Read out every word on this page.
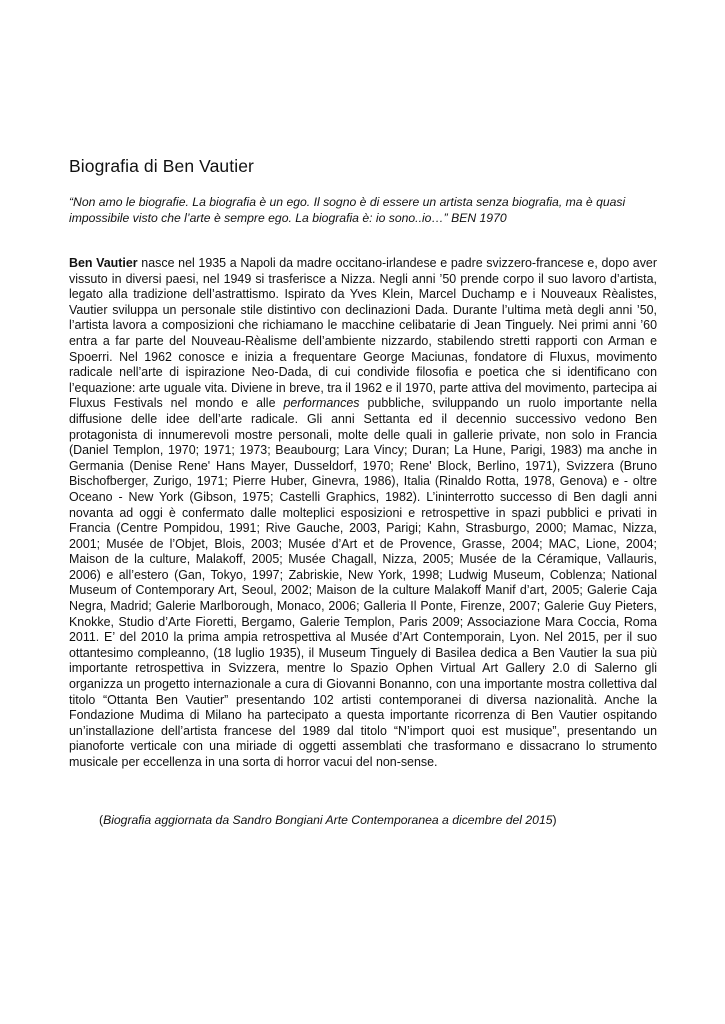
Biografia di Ben Vautier

“Non amo le biografie. La biografia è un ego. Il sogno è di essere un artista senza biografia, ma è quasi impossibile visto che l’arte è sempre ego. La biografia è: io sono..io…” BEN 1970

Ben Vautier nasce nel 1935 a Napoli da madre occitano-irlandese e padre svizzero-francese e, dopo aver vissuto in diversi paesi, nel 1949 si trasferisce a Nizza. Negli anni ’50 prende corpo il suo lavoro d’artista, legato alla tradizione dell’astrattismo. Ispirato da Yves Klein, Marcel Duchamp e i Nouveaux Rèalistes, Vautier sviluppa un personale stile distintivo con declinazioni Dada. Durante l’ultima metà degli anni ’50, l’artista lavora a composizioni che richiamano le macchine celibatarie di Jean Tinguely. Nei primi anni ’60 entra a far parte del Nouveau-Rèalisme dell’ambiente nizzardo, stabilendo stretti rapporti con Arman e Spoerri. Nel 1962 conosce e inizia a frequentare George Maciunas, fondatore di Fluxus, movimento radicale nell’arte di ispirazione Neo-Dada, di cui condivide filosofia e poetica che si identificano con l’equazione: arte uguale vita. Diviene in breve, tra il 1962 e il 1970, parte attiva del movimento, partecipa ai Fluxus Festivals nel mondo e alle performances pubbliche, sviluppando un ruolo importante nella diffusione delle idee dell’arte radicale. Gli anni Settanta ed il decennio successivo vedono Ben protagonista di innumerevoli mostre personali, molte delle quali in gallerie private, non solo in Francia (Daniel Templon, 1970; 1971; 1973; Beaubourg; Lara Vincy; Duran; La Hune, Parigi, 1983) ma anche in Germania (Denise Rene' Hans Mayer, Dusseldorf, 1970; Rene' Block, Berlino, 1971), Svizzera (Bruno Bischofberger, Zurigo, 1971; Pierre Huber, Ginevra, 1986), Italia (Rinaldo Rotta, 1978, Genova) e - oltre Oceano - New York (Gibson, 1975; Castelli Graphics, 1982). L’ininterrotto successo di Ben dagli anni novanta ad oggi è confermato dalle molteplici esposizioni e retrospettive in spazi pubblici e privati in Francia (Centre Pompidou, 1991; Rive Gauche, 2003, Parigi; Kahn, Strasburgo, 2000; Mamac, Nizza, 2001; Musée de l’Objet, Blois, 2003; Musée d’Art et de Provence, Grasse, 2004; MAC, Lione, 2004; Maison de la culture, Malakoff, 2005; Musée Chagall, Nizza, 2005; Musée de la Céramique, Vallauris, 2006) e all’estero (Gan, Tokyo, 1997; Zabriskie, New York, 1998; Ludwig Museum, Coblenza; National Museum of Contemporary Art, Seoul, 2002; Maison de la culture Malakoff Manif d’art, 2005; Galerie Caja Negra, Madrid; Galerie Marlborough, Monaco, 2006; Galleria Il Ponte, Firenze, 2007; Galerie Guy Pieters, Knokke, Studio d’Arte Fioretti, Bergamo, Galerie Templon, Paris 2009; Associazione Mara Coccia, Roma 2011. E’ del 2010 la prima ampia retrospettiva al Musée d’Art Contemporain, Lyon. Nel 2015, per il suo ottantesimo compleanno, (18 luglio 1935), il Museum Tinguely di Basilea dedica a Ben Vautier la sua più importante retrospettiva in Svizzera, mentre lo Spazio Ophen Virtual Art Gallery 2.0 di Salerno gli organizza un progetto internazionale a cura di Giovanni Bonanno, con una importante mostra collettiva dal titolo “Ottanta Ben Vautier” presentando 102 artisti contemporanei di diversa nazionalità. Anche la Fondazione Mudima di Milano ha partecipato a questa importante ricorrenza di Ben Vautier ospitando un’installazione dell’artista francese del 1989 dal titolo “N’import quoi est musique”, presentando un pianoforte verticale con una miriade di oggetti assemblati che trasformano e dissacrano lo strumento musicale per eccellenza in una sorta di horror vacui del non-sense.

(Biografia aggiornata da Sandro Bongiani Arte Contemporanea a dicembre del 2015)
